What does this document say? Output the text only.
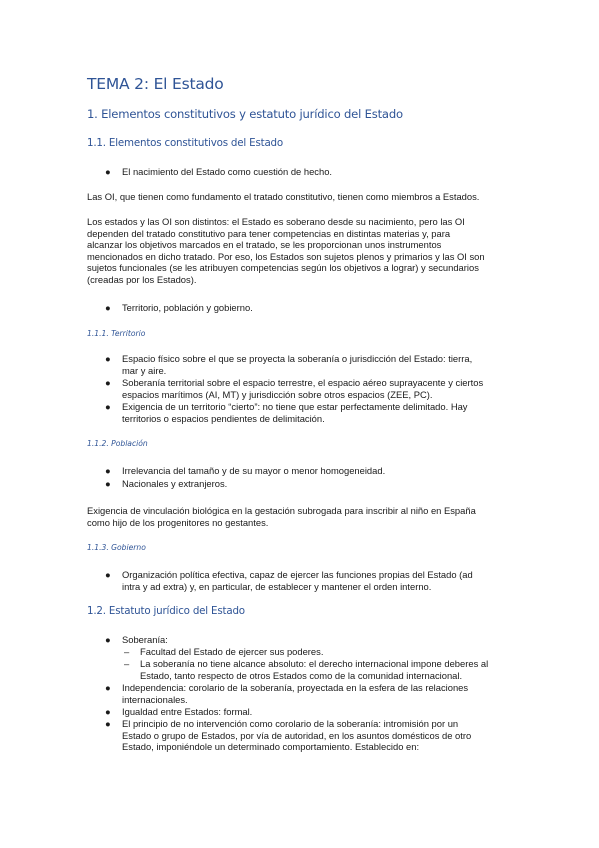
TEMA 2: El Estado
1. Elementos constitutivos y estatuto jurídico del Estado
1.1. Elementos constitutivos del Estado
● El nacimiento del Estado como cuestión de hecho.

Las OI, que tienen como fundamento el tratado constitutivo, tienen como miembros a Estados.

Los estados y las OI son distintos: el Estado es soberano desde su nacimiento, pero las OI
dependen del tratado constitutivo para tener competencias en distintas materias y, para
alcanzar los objetivos marcados en el tratado, se les proporcionan unos instrumentos
mencionados en dicho tratado. Por eso, los Estados son sujetos plenos y primarios y las OI son
sujetos funcionales (se les atribuyen competencias según los objetivos a lograr) y secundarios
(creadas por los Estados).
● Territorio, población y gobierno.
1.1.1. Territorio
● Espacio físico sobre el que se proyecta la soberanía o jurisdicción del Estado: tierra,
mar y aire.
● Soberanía territorial sobre el espacio terrestre, el espacio aéreo suprayacente y ciertos
espacios marítimos (AI, MT) y jurisdicción sobre otros espacios (ZEE, PC).
● Exigencia de un territorio “cierto”: no tiene que estar perfectamente delimitado. Hay
territorios o espacios pendientes de delimitación.
1.1.2. Población
● Irrelevancia del tamaño y de su mayor o menor homogeneidad.
● Nacionales y extranjeros.
Exigencia de vinculación biológica en la gestación subrogada para inscribir al niño en España
como hijo de los progenitores no gestantes.
1.1.3. Gobierno
● Organización política efectiva, capaz de ejercer las funciones propias del Estado (ad
intra y ad extra) y, en particular, de establecer y mantener el orden interno.
1.2. Estatuto jurídico del Estado
● Soberanía:
– Facultad del Estado de ejercer sus poderes.
– La soberanía no tiene alcance absoluto: el derecho internacional impone deberes al
Estado, tanto respecto de otros Estados como de la comunidad internacional.
● Independencia: corolario de la soberanía, proyectada en la esfera de las relaciones
internacionales.
● Igualdad entre Estados: formal.
● El principio de no intervención como corolario de la soberanía: intromisión por un
Estado o grupo de Estados, por vía de autoridad, en los asuntos domésticos de otro
Estado, imponiéndole un determinado comportamiento. Establecido en:
